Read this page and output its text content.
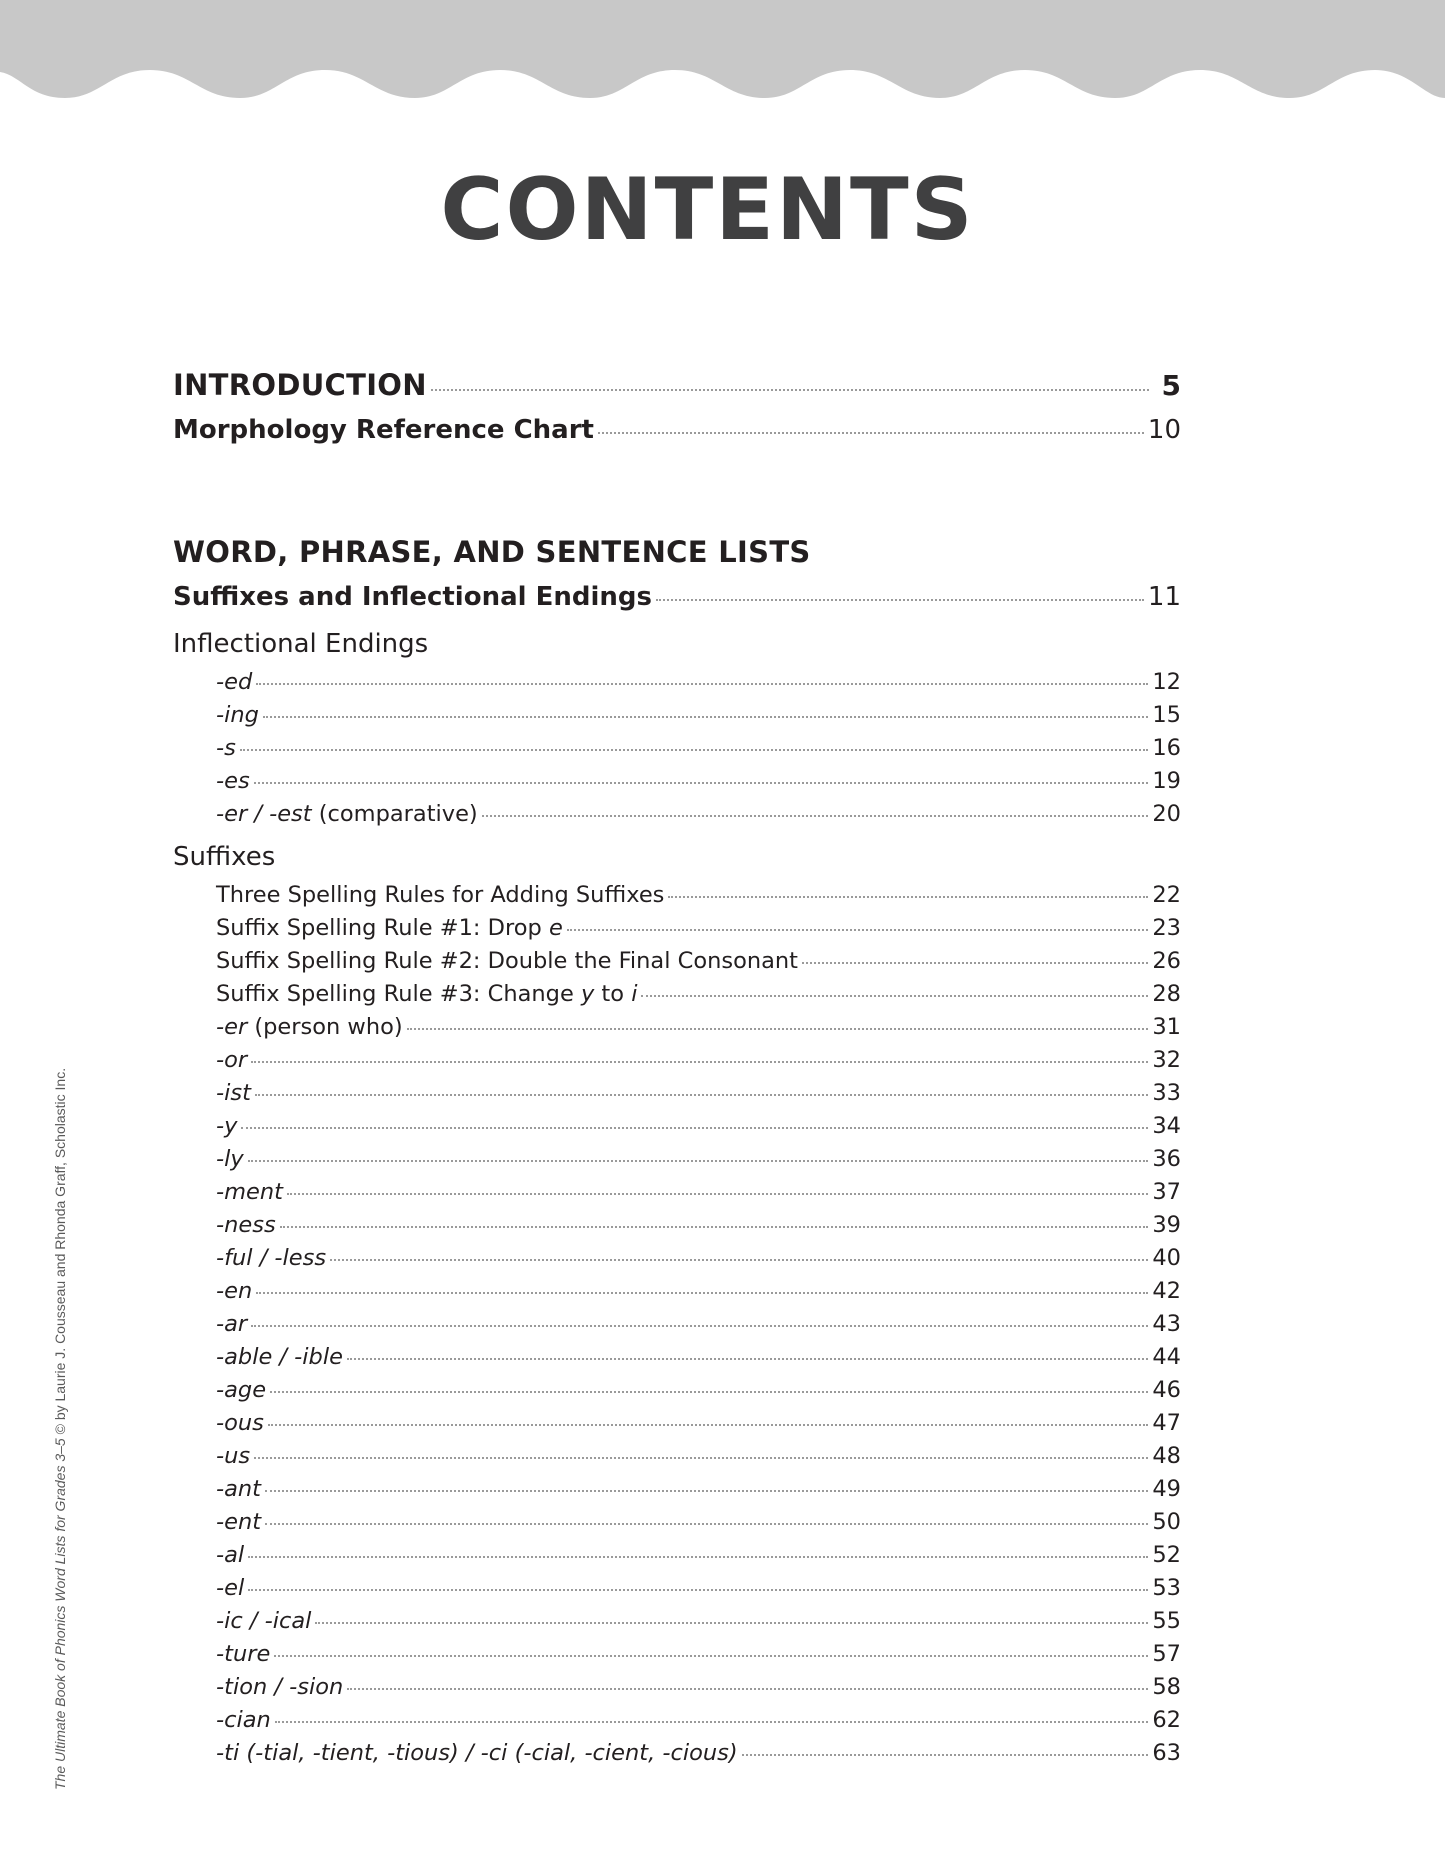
CONTENTS
INTRODUCTION	5
Morphology Reference Chart	10
WORD, PHRASE, AND SENTENCE LISTS
Suffixes and Inflectional Endings	11
Inflectional Endings
-ed	12
-ing	15
-s	16
-es	19
-er / -est (comparative)	20
Suffixes
Three Spelling Rules for Adding Suffixes	22
Suffix Spelling Rule #1: Drop e	23
Suffix Spelling Rule #2: Double the Final Consonant	26
Suffix Spelling Rule #3: Change y to i	28
-er (person who)	31
-or	32
-ist	33
-y	34
-ly	36
-ment	37
-ness	39
-ful / -less	40
-en	42
-ar	43
-able / -ible	44
-age	46
-ous	47
-us	48
-ant	49
-ent	50
-al	52
-el	53
-ic / -ical	55
-ture	57
-tion / -sion	58
-cian	62
-ti (-tial, -tient, -tious) / -ci (-cial, -cient, -cious)	63
The Ultimate Book of Phonics Word Lists for Grades 3–5 © by Laurie J. Cousseau and Rhonda Graff, Scholastic Inc.
